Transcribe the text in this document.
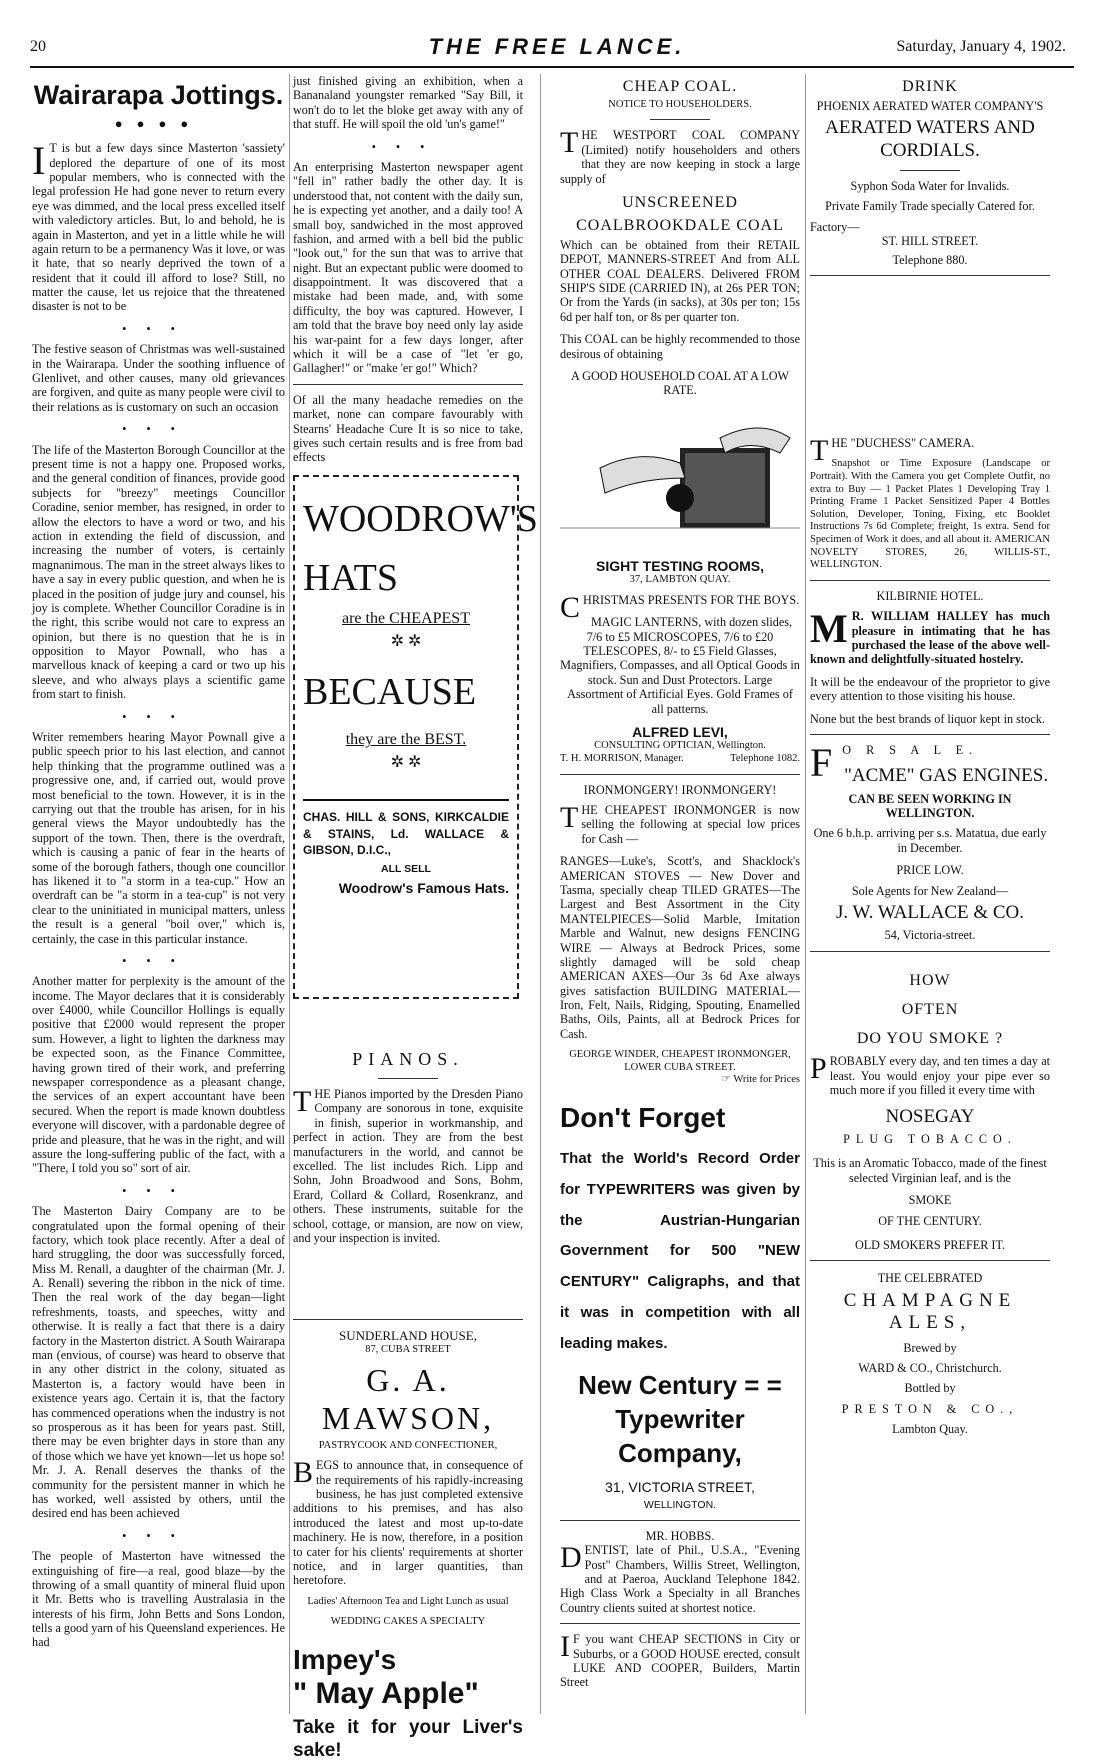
20	THE FREE LANCE.	Saturday, January 4, 1902.
Wairarapa Jottings.
●●●●

I T is but a few days since Masterton 'sassiety' deplored the departure of one of its most popular members, who is connected with the legal profession He had gone never to return every eye was dimmed, and the local press excelled itself with valedictory articles. But, lo and behold, he is again in Masterton, and yet in a little while he will again return to be a permanency Was it love, or was it hate, that so nearly deprived the town of a resident that it could ill afford to lose? Still, no matter the cause, let us rejoice that the threatened disaster is not to be

•••

The festive season of Christmas was well-sustained in the Wairarapa. Under the soothing influence of Glenlivet, and other causes, many old grievances are forgiven, and quite as many people were civil to their relations as is customary on such an occasion

•••

The life of the Masterton Borough Councillor at the present time is not a happy one. Proposed works, and the general condition of finances, provide good subjects for "breezy" meetings Councillor Coradine, senior member, has resigned, in order to allow the electors to have a word or two, and his action in extending the field of discussion, and increasing the number of voters, is certainly magnanimous. The man in the street always likes to have a say in every public question, and when he is placed in the position of judge jury and counsel, his joy is complete. Whether Councillor Coradine is in the right, this scribe would not care to express an opinion, but there is no question that he is in opposition to Mayor Pownall, who has a marvellous knack of keeping a card or two up his sleeve, and who always plays a scientific game from start to finish.

•••

Writer remembers hearing Mayor Pownall give a public speech prior to his last election, and cannot help thinking that the programme outlined was a progressive one, and, if carried out, would prove most beneficial to the town. However, it is in the carrying out that the trouble has arisen, for in his general views the Mayor undoubtedly has the support of the town. Then, there is the overdraft, which is causing a panic of fear in the hearts of some of the borough fathers, though one councillor has likened it to "a storm in a tea-cup." How an overdraft can be "a storm in a tea-cup" is not very clear to the uninitiated in municipal matters, unless the result is a general "boil over," which is, certainly, the case in this particular instance.

•••

Another matter for perplexity is the amount of the income. The Mayor declares that it is considerably over £4000, while Councillor Hollings is equally positive that £2000 would represent the proper sum. However, a light to lighten the darkness may be expected soon, as the Finance Committee, having grown tired of their work, and preferring newspaper correspondence as a pleasant change, the services of an expert accountant have been secured. When the report is made known doubtless everyone will discover, with a pardonable degree of pride and pleasure, that he was in the right, and will assure the long-suffering public of the fact, with a "There, I told you so" sort of air.

•••

The Masterton Dairy Company are to be congratulated upon the formal opening of their factory, which took place recently. After a deal of hard struggling, the door was successfully forced, Miss M. Renall, a daughter of the chairman (Mr. J. A. Renall) severing the ribbon in the nick of time. Then the real work of the day began—light refreshments, toasts, and speeches, witty and otherwise. It is really a fact that there is a dairy factory in the Masterton district. A South Wairarapa man (envious, of course) was heard to observe that in any other district in the colony, situated as Masterton is, a factory would have been in existence years ago. Certain it is, that the factory has commenced operations when the industry is not so prosperous as it has been for years past. Still, there may be even brighter days in store than any of those which we have yet known—let us hope so! Mr. J. A. Renall deserves the thanks of the community for the persistent manner in which he has worked, well assisted by others, until the desired end has been achieved

•••

The people of Masterton have witnessed the extinguishing of fire—a real, good blaze—by the throwing of a small quantity of mineral fluid upon it Mr. Betts who is travelling Australasia in the interests of his firm, John Betts and Sons London, tells a good yarn of his Queensland experiences. He had

just finished giving an exhibition, when a Bananaland youngster remarked "Say Bill, it won't do to let the bloke get away with any of that stuff. He will spoil the old 'un's game!"

•••

An enterprising Masterton newspaper agent "fell in" rather badly the other day. It is understood that, not content with the daily sun, he is expecting yet another, and a daily too! A small boy, sandwiched in the most approved fashion, and armed with a bell bid the public "look out," for the sun that was to arrive that night. But an expectant public were doomed to disappointment. It was discovered that a mistake had been made, and, with some difficulty, the boy was captured. However, I am told that the brave boy need only lay aside his war-paint for a few days longer, after which it will be a case of "let 'er go, Gallagher!" or "make 'er go!" Which?

Of all the many headache remedies on the market, none can compare favourably with Stearns' Headache Cure It is so nice to take, gives such certain results and is free from bad effects

WOODROW'S
HATS
are the CHEAPEST
✲ ✲
BECAUSE
they are the BEST.
✲ ✲
CHAS. HILL & SONS, KIRKCALDIE & STAINS, Ld. WALLACE & GIBSON, D.I.C.,
ALL SELL
Woodrow's Famous Hats.
PIANOS.

THE Pianos imported by the Dresden Piano Company are sonorous in tone, exquisite in finish, superior in workmanship, and perfect in action. They are from the best manufacturers in the world, and cannot be excelled. The list includes Rich. Lipp and Sohn, John Broadwood and Sons, Bohm, Erard, Collard & Collard, Rosenkranz, and others. These instruments, suitable for the school, cottage, or mansion, are now on view, and your inspection is invited.

SUNDERLAND HOUSE,
87, CUBA STREET
G. A. MAWSON,
PASTRYCOOK AND CONFECTIONER,

BEGS to announce that, in consequence of the requirements of his rapidly-increasing business, he has just completed extensive additions to his premises, and has also introduced the latest and most up-to-date machinery. He is now, therefore, in a position to cater for his clients' requirements at shorter notice, and in larger quantities, than heretofore.

Ladies' Afternoon Tea and Light Lunch as usual
WEDDING CAKES A SPECIALTY
Impey's
" May Apple"
Take it for your Liver's sake!
CHEAP COAL.
NOTICE TO HOUSEHOLDERS.

THE WESTPORT COAL COMPANY (Limited) notify householders and others that they are now keeping in stock a large supply of

UNSCREENED
COALBROOKDALE COAL

Which can be obtained from their RETAIL DEPOT, MANNERS-STREET And from ALL OTHER COAL DEALERS. Delivered FROM SHIP'S SIDE (CARRIED IN), at 26s PER TON; Or from the Yards (in sacks), at 30s per ton; 15s 6d per half ton, or 8s per quarter ton.

This COAL can be highly recommended to those desirous of obtaining

A GOOD HOUSEHOLD COAL AT A LOW RATE.
SIGHT TESTING ROOMS,
37, LAMBTON QUAY.

CHRISTMAS PRESENTS FOR THE BOYS.

MAGIC LANTERNS, with dozen slides, 7/6 to £5 MICROSCOPES, 7/6 to £20 TELESCOPES, 8/- to £5 Field Glasses, Magnifiers, Compasses, and all Optical Goods in stock. Sun and Dust Protectors. Large Assortment of Artificial Eyes. Gold Frames of all patterns.

ALFRED LEVI,
CONSULTING OPTICIAN, Wellington.
T. H. MORRISON, Manager.	Telephone 1082.
IRONMONGERY! IRONMONGERY!

THE CHEAPEST IRONMONGER is now selling the following at special low prices for Cash —

RANGES—Luke's, Scott's, and Shacklock's AMERICAN STOVES — New Dover and Tasma, specially cheap TILED GRATES—The Largest and Best Assortment in the City MANTELPIECES—Solid Marble, Imitation Marble and Walnut, new designs FENCING WIRE — Always at Bedrock Prices, some slightly damaged will be sold cheap AMERICAN AXES—Our 3s 6d Axe always gives satisfaction BUILDING MATERIAL—Iron, Felt, Nails, Ridging, Spouting, Enamelled Baths, Oils, Paints, all at Bedrock Prices for Cash.

GEORGE WINDER, CHEAPEST IRONMONGER, LOWER CUBA STREET.
☞ Write for Prices
Don't Forget
That the World's Record Order for TYPEWRITERS was given by the Austrian-Hungarian Government for 500 "NEW CENTURY" Caligraphs, and that it was in competition with all leading makes.
New Century = = Typewriter Company,
31, VICTORIA STREET,
WELLINGTON.
MR. HOBBS.

DENTIST, late of Phil., U.S.A., "Evening Post" Chambers, Willis Street, Wellington, and at Paeroa, Auckland Telephone 1842. High Class Work a Specialty in all Branches Country clients suited at shortest notice.

I F you want CHEAP SECTIONS in City or Suburbs, or a GOOD HOUSE erected, consult LUKE AND COOPER, Builders, Martin Street

DRINK
PHOENIX AERATED WATER COMPANY'S
AERATED WATERS AND CORDIALS.
Syphon Soda Water for Invalids.
Private Family Trade specially Catered for.
Factory—
ST. HILL STREET.
Telephone 880.

THE "DUCHESS" CAMERA.

Snapshot or Time Exposure (Landscape or Portrait). With the Camera you get Complete Outfit, no extra to Buy — 1 Packet Plates 1 Developing Tray 1 Printing Frame 1 Packet Sensitized Paper 4 Bottles Solution, Developer, Toning, Fixing, etc Booklet Instructions 7s 6d Complete; freight, 1s extra. Send for Specimen of Work it does, and all about it. AMERICAN NOVELTY STORES, 26, WILLIS-ST., WELLINGTON.

KILBIRNIE HOTEL.

M R. WILLIAM HALLEY has much pleasure in intimating that he has purchased the lease of the above well-known and delightfully-situated hostelry.

It will be the endeavour of the proprietor to give every attention to those visiting his house.

None but the best brands of liquor kept in stock.

F O R S A L E.

"ACME" GAS ENGINES.
CAN BE SEEN WORKING IN WELLINGTON.

One 6 b.h.p. arriving per s.s. Matatua, due early in December.

PRICE LOW.
Sole Agents for New Zealand—
J. W. WALLACE & CO.
54, Victoria-street.
HOW
OFTEN
DO YOU SMOKE ?

PROBABLY every day, and ten times a day at least. You would enjoy your pipe ever so much more if you filled it every time with

NOSEGAY
PLUG TOBACCO.

This is an Aromatic Tobacco, made of the finest selected Virginian leaf, and is the

SMOKE
OF THE CENTURY.
OLD SMOKERS PREFER IT.
THE CELEBRATED
CHAMPAGNE ALES,
Brewed by
WARD & CO., Christchurch.
Bottled by
PRESTON & CO.,
Lambton Quay.
